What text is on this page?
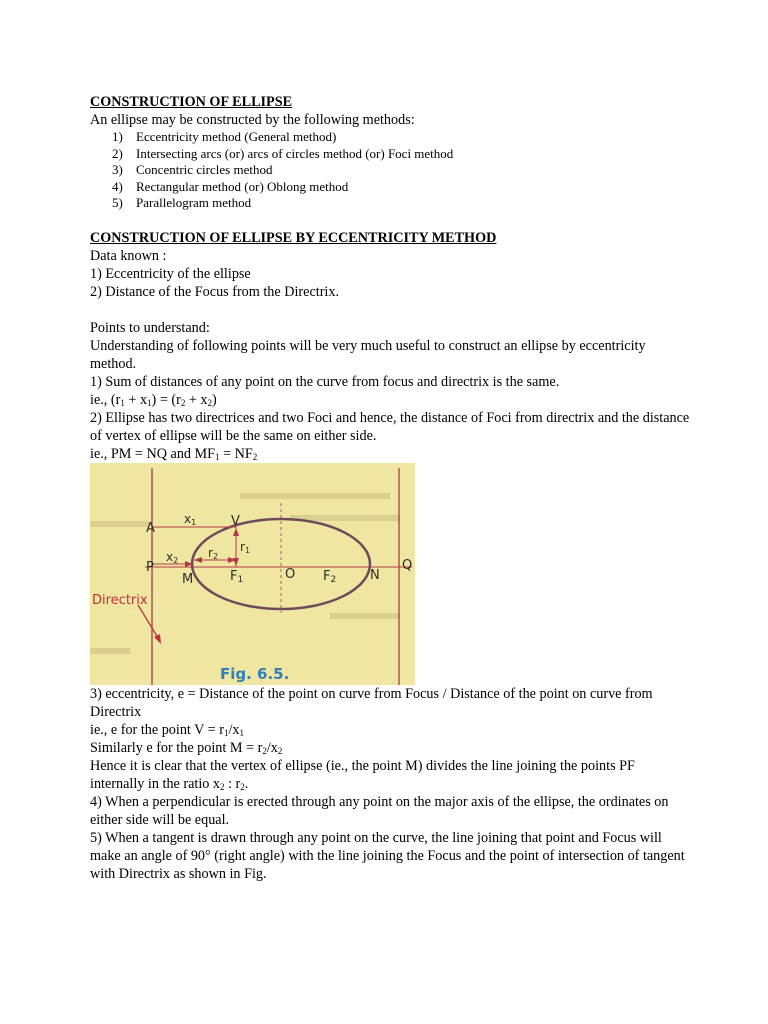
CONSTRUCTION OF ELLIPSE
An ellipse may be constructed by the following methods:
1)	Eccentricity method (General method)
2)	Intersecting arcs (or) arcs of circles method (or) Foci method
3)	Concentric circles method
4)	Rectangular method (or) Oblong method
5)	Parallelogram method
CONSTRUCTION OF ELLIPSE BY ECCENTRICITY METHOD
Data known :
1) Eccentricity of the ellipse
2) Distance of the Focus from the Directrix.
Points to understand:
Understanding of following points will be very much useful to construct an ellipse by eccentricity method.
1) Sum of distances of any point on the curve from focus and directrix is the same.
ie., $(r_1 + x_1) = (r_2 + x_2)$
2) Ellipse has two directrices and two Foci and hence, the distance of Foci from directrix and the distance of vertex of ellipse will be the same on either side.
ie., PM = NQ and $MF_1 = NF_2$
A
P
M
V
F1	O F2	N
Q
x1
x2
r1
r2
Directrix
Fig. 6.5.
3) eccentricity, e = Distance of the point on curve from Focus / Distance of the point on curve from Directrix
ie., e for the point $V = r_1/x_1$
Similarly e for the point $M = r_2/x_2$
Hence it is clear that the vertex of ellipse (ie., the point M) divides the line joining the points PF internally in the ratio $x_2$ : $r_2$.
4) When a perpendicular is erected through any point on the major axis of the ellipse, the ordinates on either side will be equal.
5) When a tangent is drawn through any point on the curve, the line joining that point and Focus will make an angle of 90° (right angle) with the line joining the Focus and the point of intersection of tangent with Directrix as shown in Fig.
